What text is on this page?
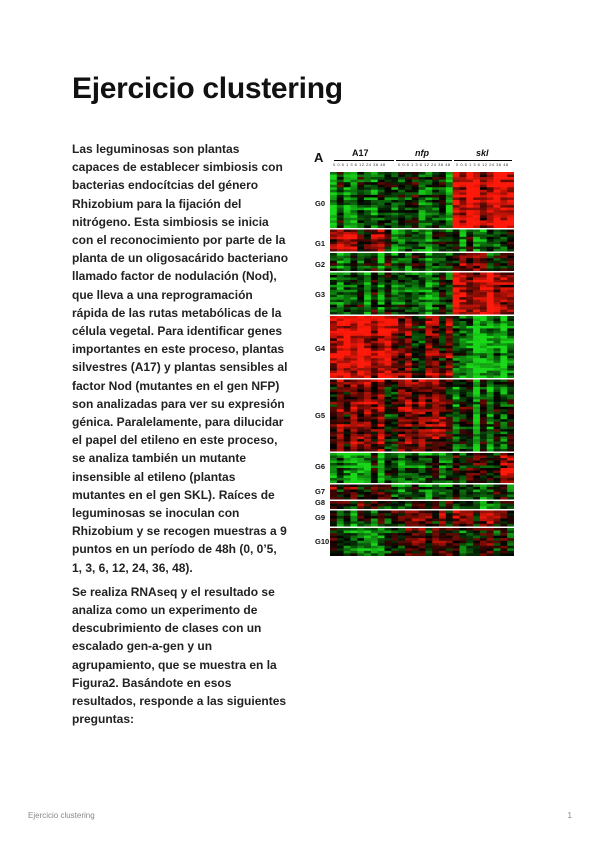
Ejercicio clustering

Las leguminosas son plantas capaces de establecer simbiosis con bacterias endocítcias del género Rhizobium para la fijación del nitrógeno. Esta simbiosis se inicia con el reconocimiento por parte de la planta de un oligosacárido bacteriano llamado factor de nodulación (Nod), que lleva a una reprogramación rápida de las rutas metabólicas de la célula vegetal. Para identificar genes importantes en este proceso, plantas silvestres (A17) y plantas sensibles al factor Nod (mutantes en el gen NFP) son analizadas para ver su expresión génica. Paralelamente, para dilucidar el papel del etileno en este proceso, se analiza también un mutante insensible al etileno (plantas mutantes en el gen SKL). Raíces de leguminosas se inoculan con Rhizobium y se recogen muestras a 9 puntos en un período de 48h (0, 0’5, 1, 3, 6, 12, 24, 36, 48).

Se realiza RNAseq y el resultado se analiza como un experimento de descubrimiento de clases con un escalado gen-a-gen y un agrupamiento, que se muestra en la Figura2. Basándote en esos resultados, responde a las siguientes preguntas:

A	A17	nfp	skl
0 0.5 1 3 6 12 24 36 48	0 0.5 1 3 6 12 24 36 48 0 0.5 1 3 6 12 24 36 48
G0
G1
G2
G3
G4
G5
G6
G7
G8
G9
G10
Ejercicio clustering	1
